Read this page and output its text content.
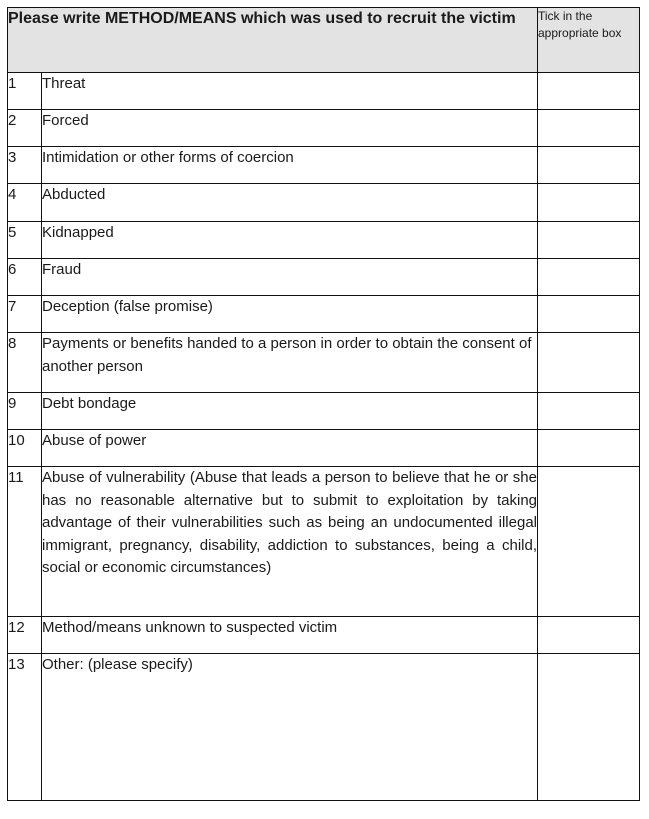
Please write METHOD/MEANS which was used to recruit the victim		Tick in the appropriate box
1	Threat	
2	Forced	
3	Intimidation or other forms of coercion	
4	Abducted	
5	Kidnapped	
6	Fraud	
7	Deception (false promise)	
8	Payments or benefits handed to a person in order to obtain the consent of another person	
9	Debt bondage	
10	Abuse of power	
11	Abuse of vulnerability (Abuse that leads a person to believe that he or she has no reasonable alternative but to submit to exploitation by taking advantage of their vulnerabilities such as being an undocumented illegal immigrant, pregnancy, disability, addiction to substances, being a child, social or economic circumstances)	
12	Method/means unknown to suspected victim	
13	Other: (please specify)	
